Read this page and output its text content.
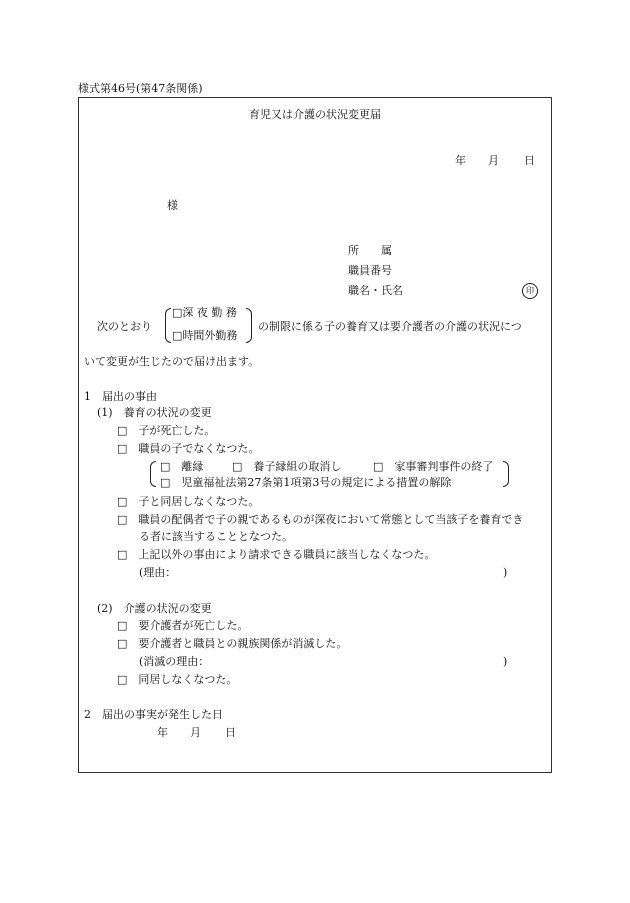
様式第46号(第47条関係)
育児又は介護の状況変更届
年 月 日
様
所　　属
職員番号
職名・氏名	印
次のとおり
□深 夜 勤 務
□時間外勤務
の制限に係る子の養育又は要介護者の介護の状況につ
いて変更が生じたので届け出ます。
1　届出の事由
(1)　養育の状況の変更
□　子が死亡した。
□　職員の子でなくなつた。
□　離縁	□　養子縁組の取消し	□　家事審判事件の終了
□　児童福祉法第27条第1項第3号の規定による措置の解除
□　子と同居しなくなつた。
□　職員の配偶者で子の親であるものが深夜において常態として当該子を養育でき
る者に該当することとなつた。
□　上記以外の事由により請求できる職員に該当しなくなつた。
(理由：	)
(2)　介護の状況の変更
□　要介護者が死亡した。
□　要介護者と職員との親族関係が消滅した。
(消滅の理由：	)
□　同居しなくなつた。
2　届出の事実が発生した日
年 月 日
